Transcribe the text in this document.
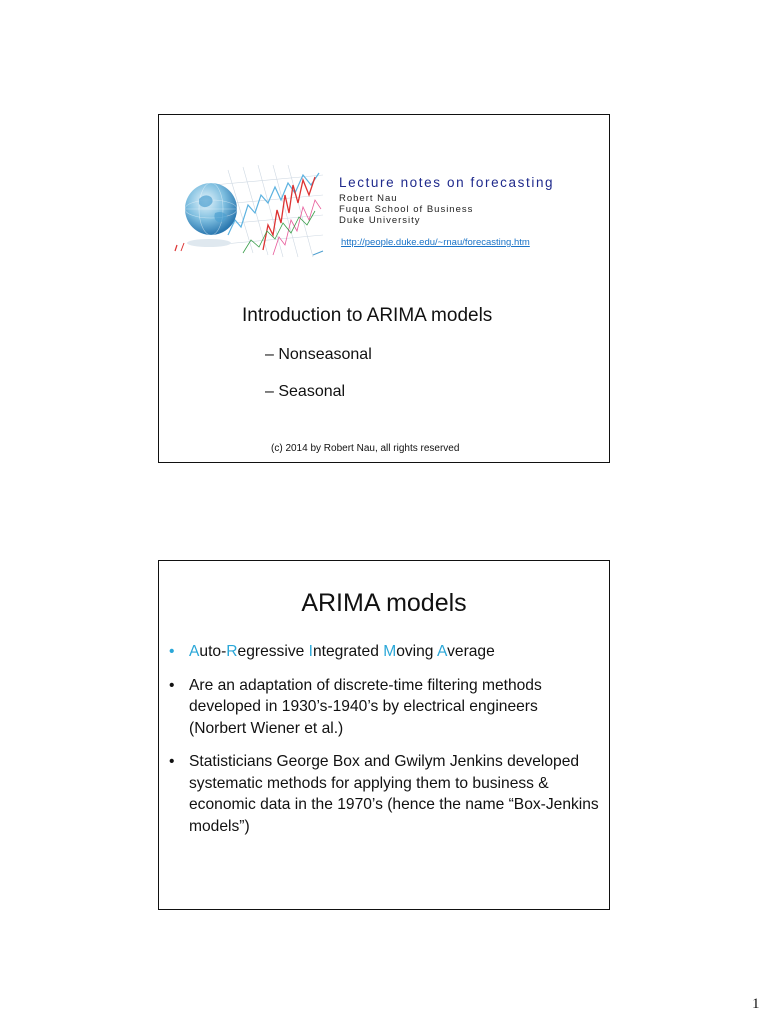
Lecture notes on forecasting
Robert Nau
Fuqua School of Business
Duke University
http://people.duke.edu/~rnau/forecasting.htm
Introduction to ARIMA models
– Nonseasonal
– Seasonal
(c) 2014 by Robert Nau, all rights reserved
ARIMA models
• Auto-Regressive Integrated Moving Average
• Are an adaptation of discrete-time filtering methods developed in 1930’s-1940’s by electrical engineers (Norbert Wiener et al.)
• Statisticians George Box and Gwilym Jenkins developed systematic methods for applying them to business & economic data in the 1970’s (hence the name “Box-Jenkins models”)
1
